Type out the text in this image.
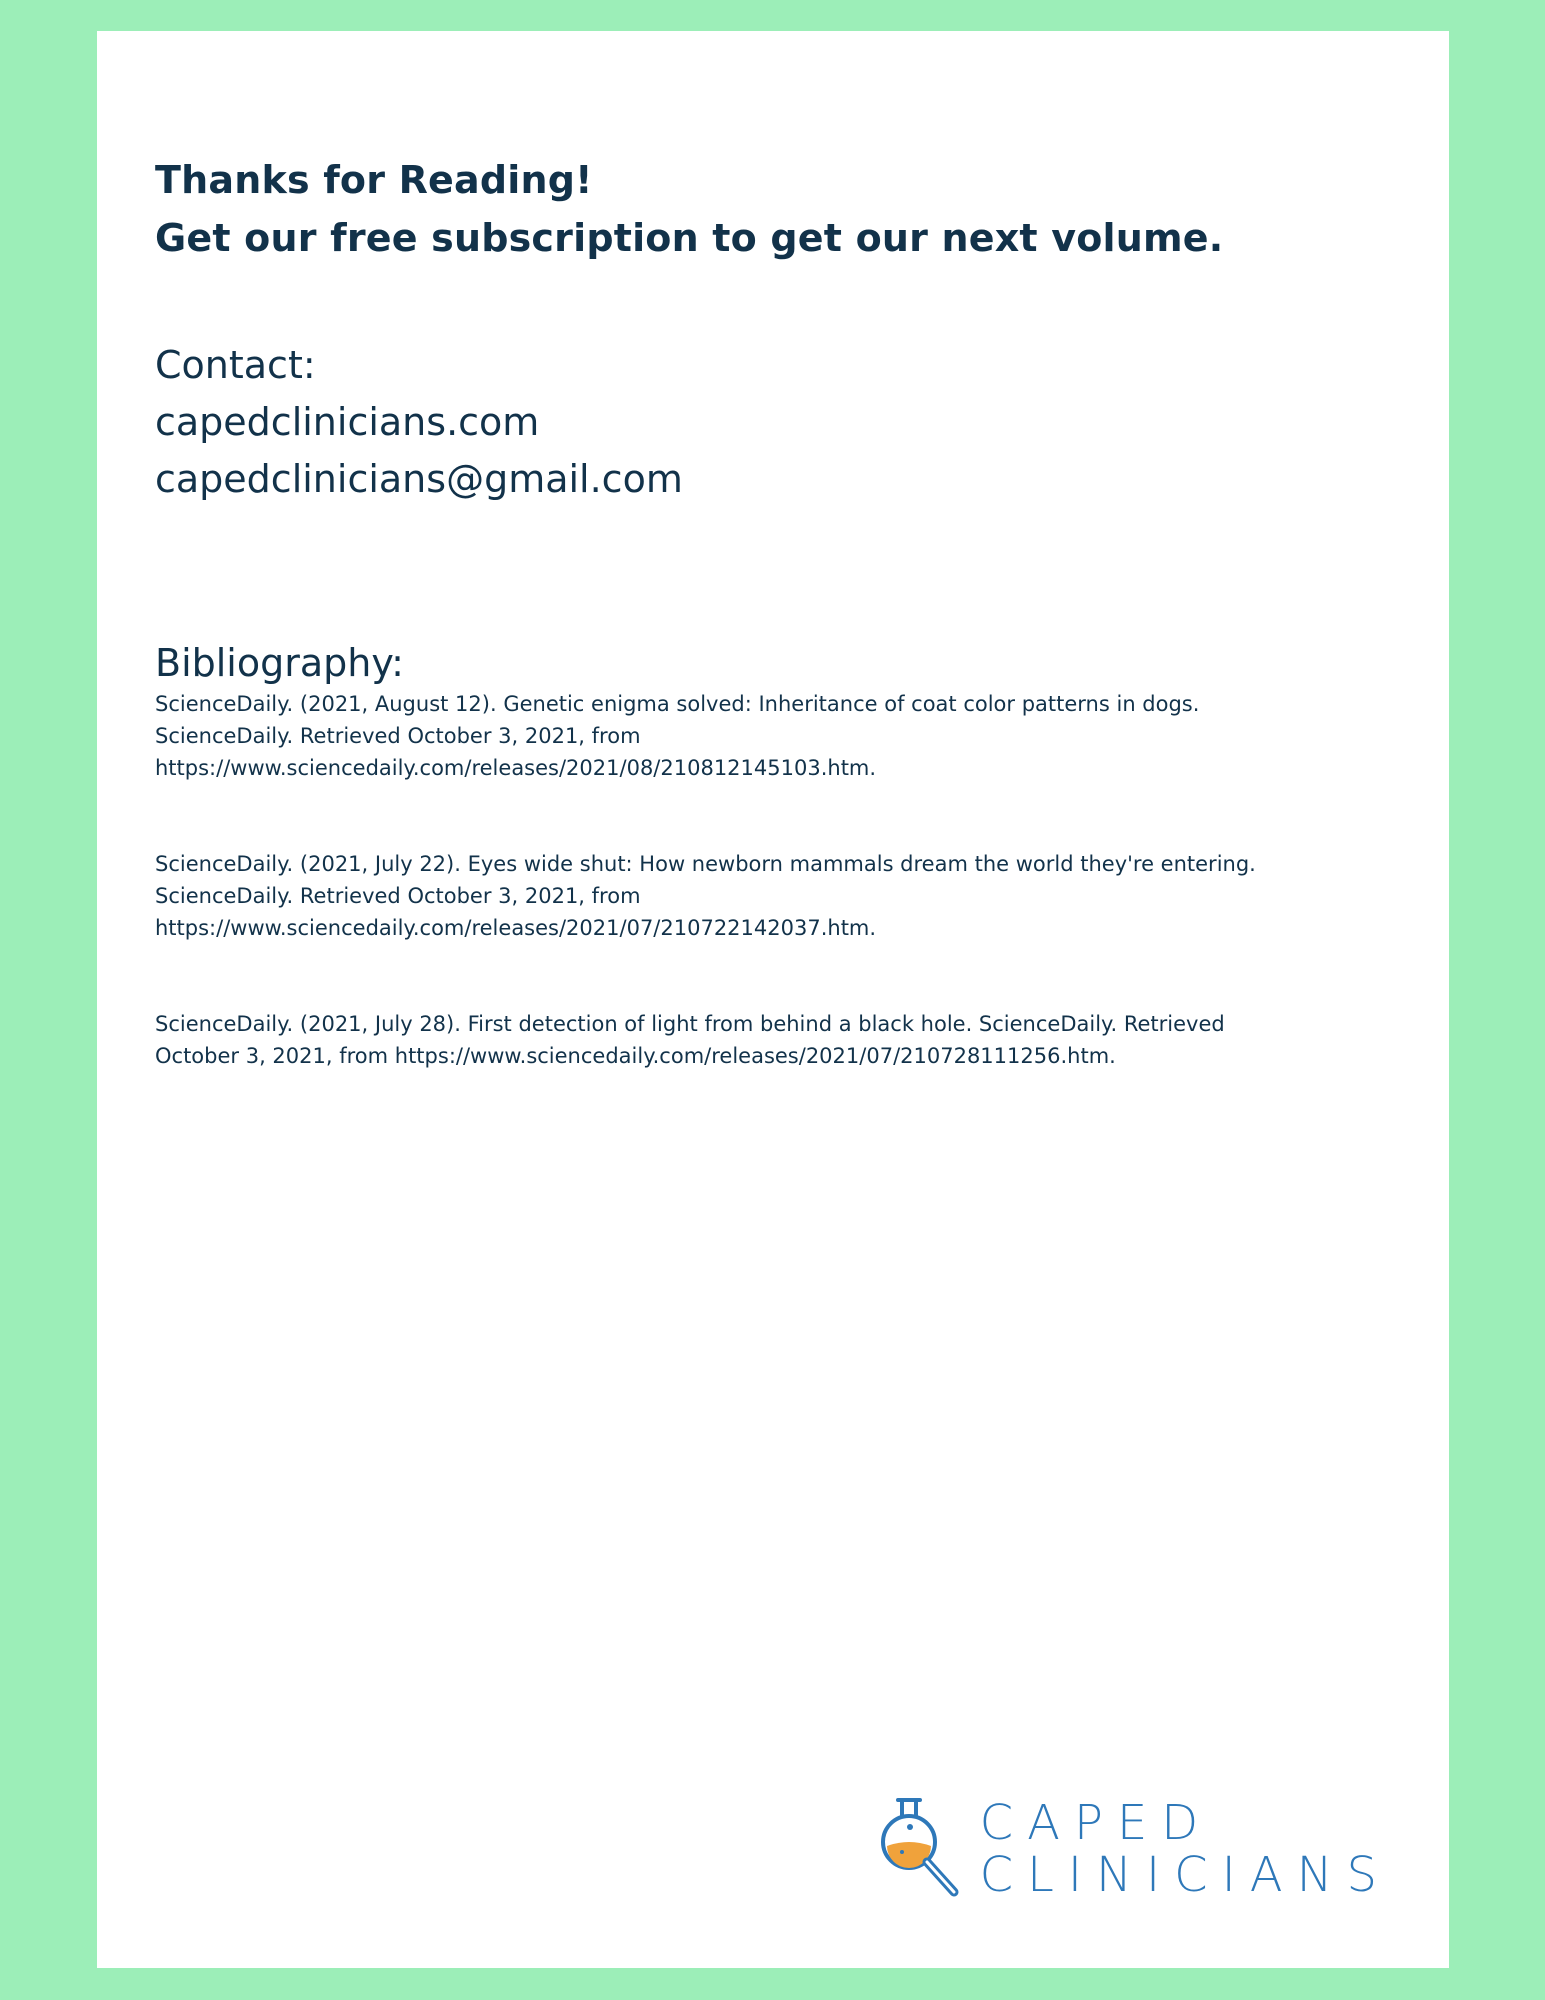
Thanks for Reading!
Get our free subscription to get our next volume.
Contact:
capedclinicians.com
capedclinicians@gmail.com
Bibliography:

ScienceDaily. (2021, August 12). Genetic enigma solved: Inheritance of coat color patterns in dogs.
ScienceDaily. Retrieved October 3, 2021, from
https://www.sciencedaily.com/releases/2021/08/210812145103.htm.

ScienceDaily. (2021, July 22). Eyes wide shut: How newborn mammals dream the world they're entering.
ScienceDaily. Retrieved October 3, 2021, from
https://www.sciencedaily.com/releases/2021/07/210722142037.htm.

ScienceDaily. (2021, July 28). First detection of light from behind a black hole. ScienceDaily. Retrieved
October 3, 2021, from https://www.sciencedaily.com/releases/2021/07/210728111256.htm.

CAPED
CLINICIANS
